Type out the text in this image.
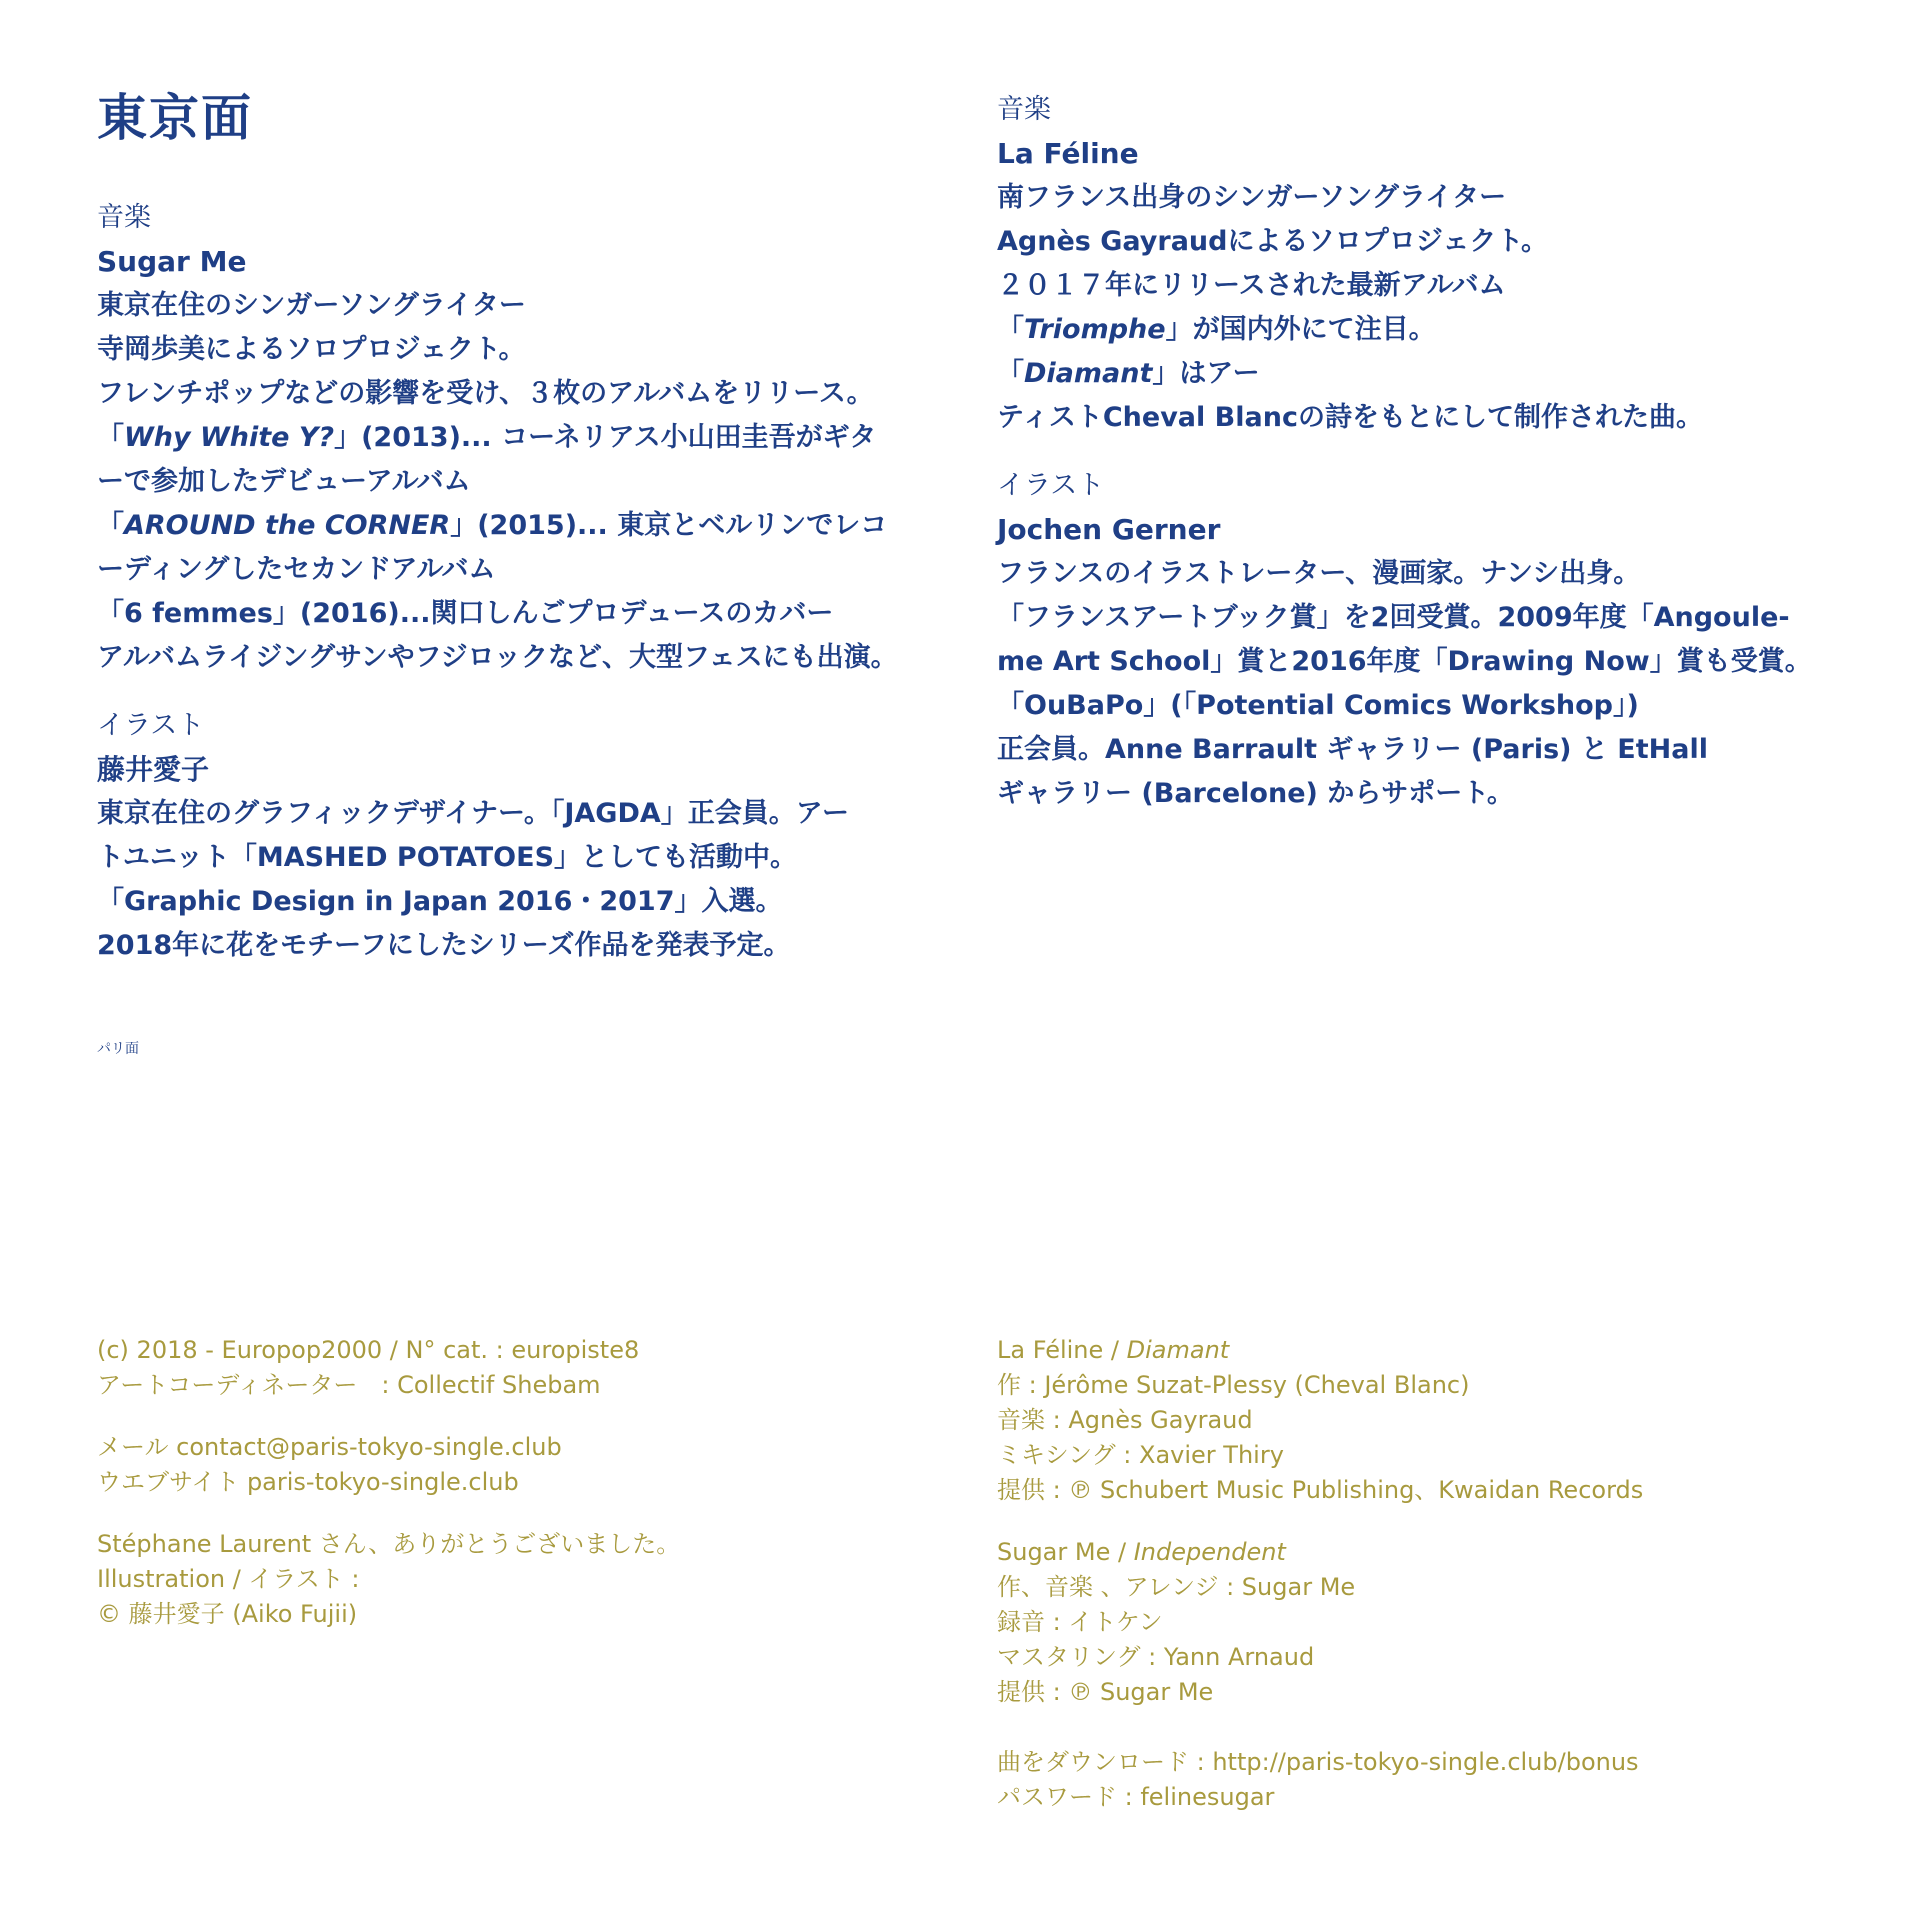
東京面
音楽
Sugar Me
東京在住のシンガーソングライター
寺岡歩美によるソロプロジェクト。
フレンチポップなどの影響を受け、３枚のアルバムをリリース。
「Why White Y?」(2013)... コーネリアス小山田圭吾がギタ
ーで参加したデビューアルバム
「AROUND the CORNER」(2015)... 東京とベルリンでレコ
ーディングしたセカンドアルバム
「6 femmes」(2016)...関口しんごプロデュースのカバー
アルバムライジングサンやフジロックなど、大型フェスにも出演。
イラスト
藤井愛子
東京在住のグラフィックデザイナー。「JAGDA」正会員。アー
トユニット「MASHED POTATOES」としても活動中。
「Graphic Design in Japan 2016・2017」入選。
2018年に花をモチーフにしたシリーズ作品を発表予定。
パリ面
音楽
La Féline
南フランス出身のシンガーソングライター
Agnès Gayraudによるソロプロジェクト。
２０１７年にリリースされた最新アルバム
「Triomphe」が国内外にて注目。
「Diamant」はアー
ティストCheval Blancの詩をもとにして制作された曲。
イラスト
Jochen Gerner
フランスのイラストレーター、漫画家。ナンシ出身。
「フランスアートブック賞」を2回受賞。2009年度「Angoule-
me Art School」賞と2016年度「Drawing Now」賞も受賞。
「OuBaPo」(「Potential Comics Workshop」)
正会員。Anne Barrault ギャラリー (Paris) と EtHall
ギャラリー (Barcelone) からサポート。
(c) 2018 - Europop2000 / N° cat. : europiste8
アートコーディネーター　: Collectif Shebam
メール contact@paris-tokyo-single.club
ウエブサイト paris-tokyo-single.club
Stéphane Laurent さん、ありがとうございました。
Illustration / イラスト :
© 藤井愛子 (Aiko Fujii)
La Féline / Diamant
作 : Jérôme Suzat-Plessy (Cheval Blanc)
音楽 : Agnès Gayraud
ミキシング : Xavier Thiry
提供 : ℗ Schubert Music Publishing、Kwaidan Records
Sugar Me / Independent
作、音楽 、アレンジ : Sugar Me
録音 : イトケン
マスタリング : Yann Arnaud
提供 : ℗ Sugar Me
曲をダウンロード : http://paris-tokyo-single.club/bonus
パスワード : felinesugar
